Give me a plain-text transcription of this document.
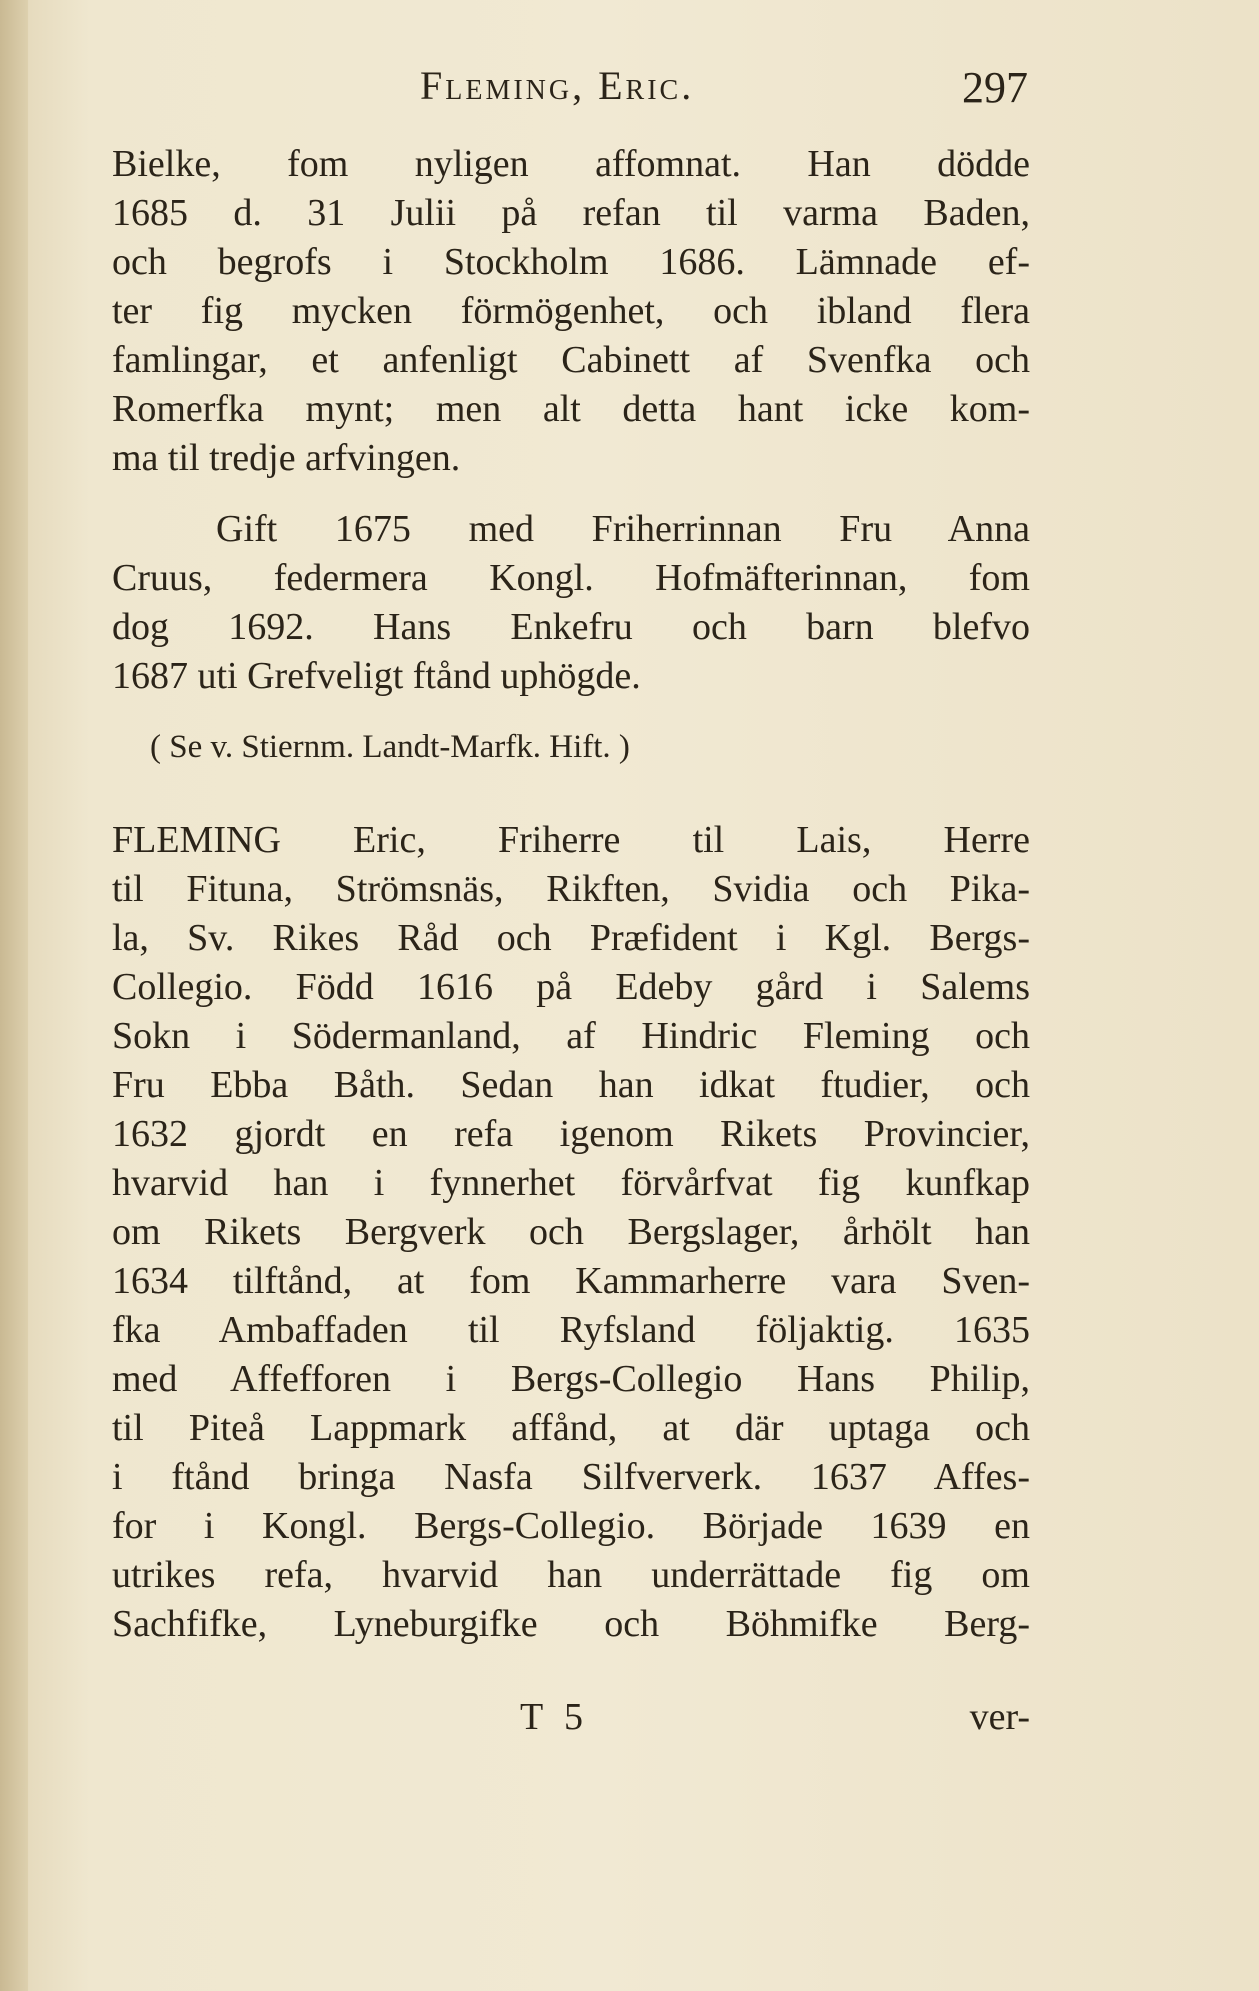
Fleming, Eric.	297
Bielke, fom nyligen affomnat. Han dödde
1685 d. 31 Julii på refan til varma Baden,
och begrofs i Stockholm 1686. Lämnade ef-
ter fig mycken förmögenhet, och ibland flera
famlingar, et anfenligt Cabinett af Svenfka och
Romerfka mynt; men alt detta hant icke kom-
ma til tredje arfvingen.
Gift 1675 med Friherrinnan Fru Anna
Cruus, federmera Kongl. Hofmäfterinnan, fom
dog 1692. Hans Enkefru och barn blefvo
1687 uti Grefveligt ftånd uphögde.
( Se v. Stiernm. Landt-Marfk. Hift. )
FLEMING Eric, Friherre til Lais, Herre
til Fituna, Strömsnäs, Rikften, Svidia och Pika-
la, Sv. Rikes Råd och Præfident i Kgl. Bergs-
Collegio. Född 1616 på Edeby gård i Salems
Sokn i Södermanland, af Hindric Fleming och
Fru Ebba Båth. Sedan han idkat ftudier, och
1632 gjordt en refa igenom Rikets Provincier,
hvarvid han i fynnerhet förvårfvat fig kunfkap
om Rikets Bergverk och Bergslager, århölt han
1634 tilftånd, at fom Kammarherre vara Sven-
fka Ambaffaden til Ryfsland följaktig. 1635
med Affefforen i Bergs-Collegio Hans Philip,
til Piteå Lappmark affånd, at där uptaga och
i ftånd bringa Nasfa Silfververk. 1637 Affes-
for i Kongl. Bergs-Collegio. Började 1639 en
utrikes refa, hvarvid han underrättade fig om
Sachfifke, Lyneburgifke och Böhmifke Berg-
T 5	ver-
